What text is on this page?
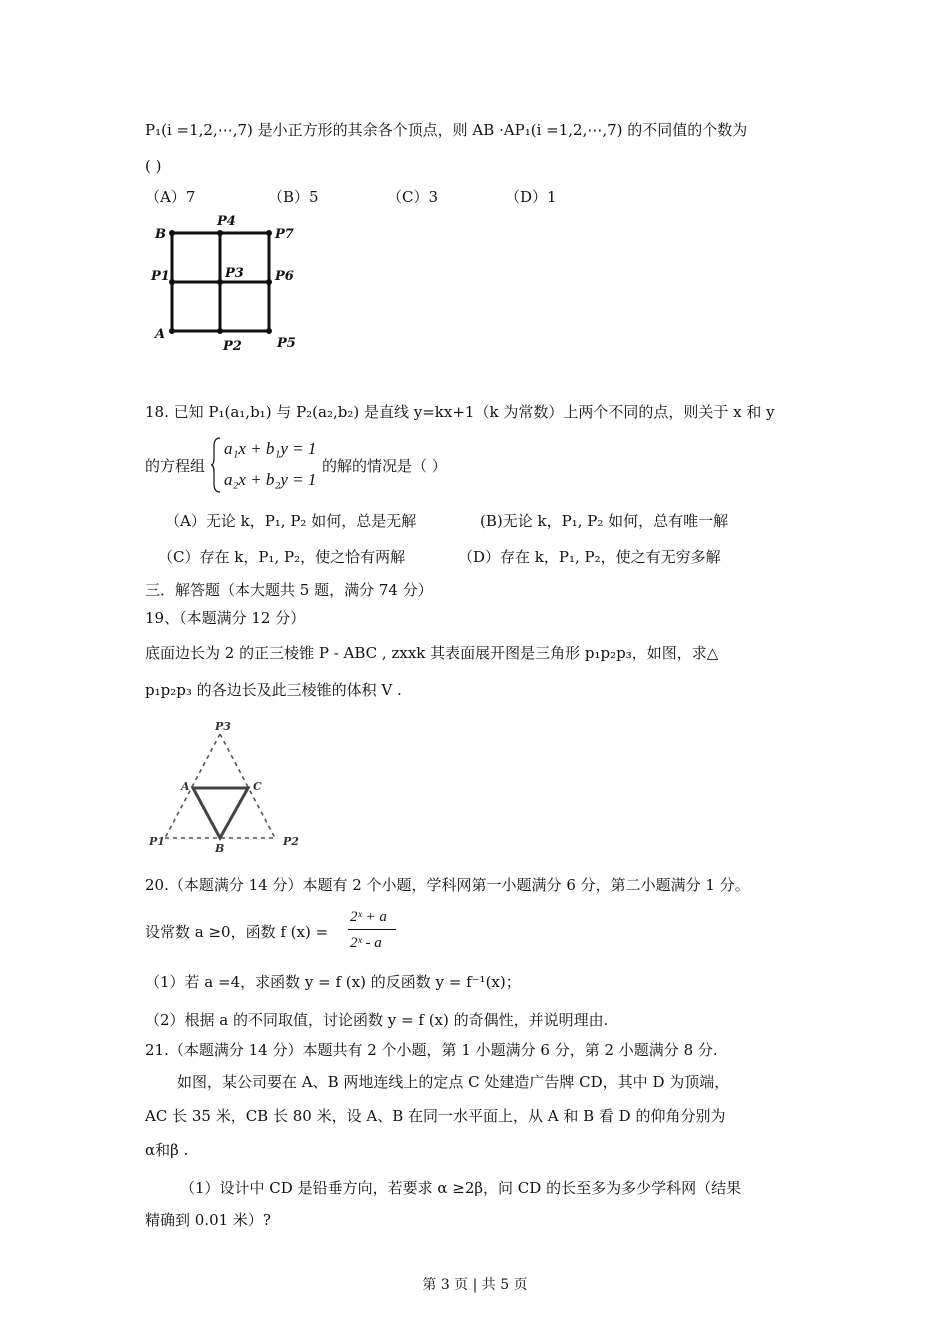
P₁(i =1,2,⋯,7) 是小正方形的其余各个顶点，则 AB ·AP₁(i =1,2,⋯,7) 的不同值的个数为
( )
（A）7	（B）5	（C）3	（D）1
B
P4
P7
P1	P3 P6
A
P2	P5
18. 已知 P₁(a₁,b₁) 与 P₂(a₂,b₂) 是直线 y=kx+1（k 为常数）上两个不同的点，则关于 x 和 y
的方程组
a₁x + b₁y = 1
a₂x + b₂y = 1
的解的情况是（ ）
（A）无论 k，P₁, P₂ 如何，总是无解	(B)无论 k，P₁, P₂ 如何，总有唯一解
（C）存在 k，P₁, P₂，使之恰有两解	（D）存在 k，P₁, P₂，使之有无穷多解
三．解答题（本大题共 5 题，满分 74 分）
19、（本题满分 12 分）
底面边长为 2 的正三棱锥 P - ABC , zxxk 其表面展开图是三角形 p₁p₂p₃，如图，求△
p₁p₂p₃ 的各边长及此三棱锥的体积 V .
P3
A	C
P1
B
P2
20.（本题满分 14 分）本题有 2 个小题，学科网第一小题满分 6 分，第二小题满分 1 分。
设常数 a ≥0，函数 f (x) =
2ˣ + a
2ˣ - a
（1）若 a =4，求函数 y = f (x) 的反函数 y = f⁻¹(x)；
（2）根据 a 的不同取值，讨论函数 y = f (x) 的奇偶性，并说明理由.
21.（本题满分 14 分）本题共有 2 个小题，第 1 小题满分 6 分，第 2 小题满分 8 分.
如图，某公司要在 A、B 两地连线上的定点 C 处建造广告牌 CD，其中 D 为顶端，
AC 长 35 米，CB 长 80 米，设 A、B 在同一水平面上，从 A 和 B 看 D 的仰角分别为
α和β .
（1）设计中 CD 是铅垂方向，若要求 α ≥2β，问 CD 的长至多为多少学科网（结果
精确到 0.01 米）?
第 3 页 | 共 5 页
